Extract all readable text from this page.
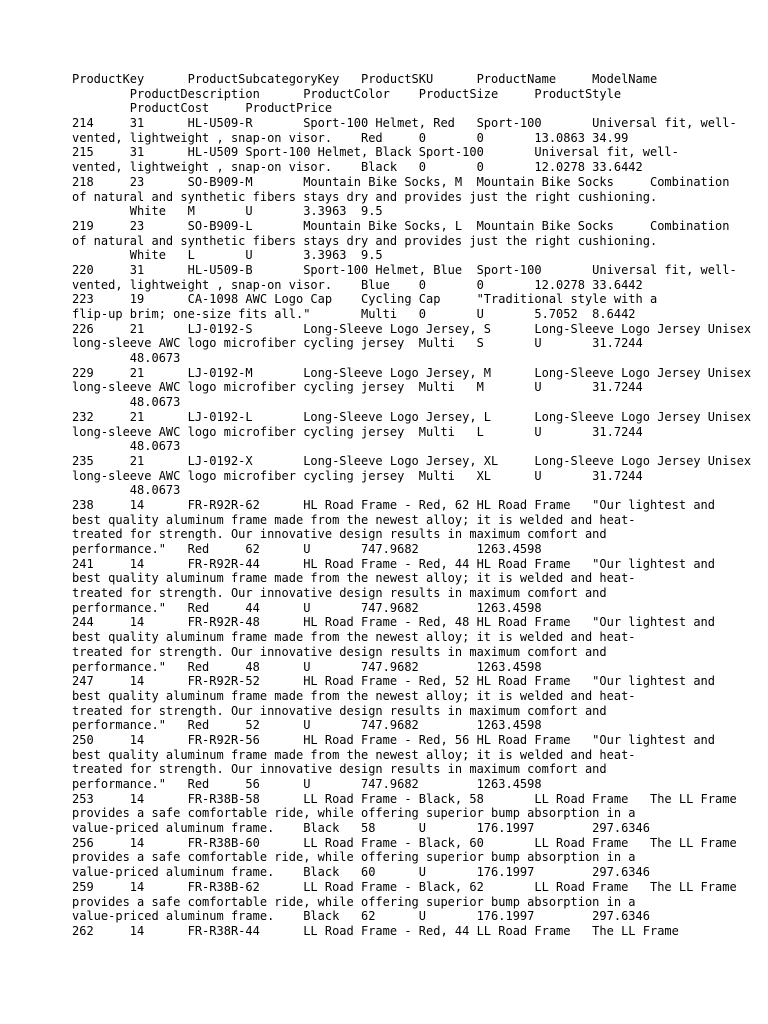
ProductKey	ProductSubcategoryKey	ProductSKU	ProductName	ModelName
	ProductDescription	ProductColor	ProductSize	ProductStyle
	ProductCost	ProductPrice
214	31	HL-U509-R	Sport-100 Helmet, Red	Sport-100	Universal fit, well-
vented, lightweight , snap-on visor.	Red	0	0	13.0863	34.99
215	31	HL-U509	Sport-100 Helmet, Black	Sport-100	Universal fit, well-
vented, lightweight , snap-on visor.	Black	0	0	12.0278	33.6442
218	23	SO-B909-M	Mountain Bike Socks, M	Mountain Bike Socks	Combination
of natural and synthetic fibers stays dry and provides just the right cushioning.
	White	M	U	3.3963	9.5
219	23	SO-B909-L	Mountain Bike Socks, L	Mountain Bike Socks	Combination
of natural and synthetic fibers stays dry and provides just the right cushioning.
	White	L	U	3.3963	9.5
220	31	HL-U509-B	Sport-100 Helmet, Blue	Sport-100	Universal fit, well-
vented, lightweight , snap-on visor.	Blue	0	0	12.0278	33.6442
223	19	CA-1098	AWC Logo Cap	Cycling Cap	"Traditional style with a
flip-up brim; one-size fits all."	Multi	0	U	5.7052	8.6442
226	21	LJ-0192-S	Long-Sleeve Logo Jersey, S	Long-Sleeve Logo Jersey	Unisex
long-sleeve AWC logo microfiber cycling jersey	Multi	S	U	31.7244
	48.0673
229	21	LJ-0192-M	Long-Sleeve Logo Jersey, M	Long-Sleeve Logo Jersey	Unisex
long-sleeve AWC logo microfiber cycling jersey	Multi	M	U	31.7244
	48.0673
232	21	LJ-0192-L	Long-Sleeve Logo Jersey, L	Long-Sleeve Logo Jersey	Unisex
long-sleeve AWC logo microfiber cycling jersey	Multi	L	U	31.7244
	48.0673
235	21	LJ-0192-X	Long-Sleeve Logo Jersey, XL	Long-Sleeve Logo Jersey	Unisex
long-sleeve AWC logo microfiber cycling jersey	Multi	XL	U	31.7244
	48.0673
238	14	FR-R92R-62	HL Road Frame - Red, 62	HL Road Frame	"Our lightest and
best quality aluminum frame made from the newest alloy; it is welded and heat-
treated for strength. Our innovative design results in maximum comfort and
performance."	Red	62	U	747.9682	1263.4598
241	14	FR-R92R-44	HL Road Frame - Red, 44	HL Road Frame	"Our lightest and
best quality aluminum frame made from the newest alloy; it is welded and heat-
treated for strength. Our innovative design results in maximum comfort and
performance."	Red	44	U	747.9682	1263.4598
244	14	FR-R92R-48	HL Road Frame - Red, 48	HL Road Frame	"Our lightest and
best quality aluminum frame made from the newest alloy; it is welded and heat-
treated for strength. Our innovative design results in maximum comfort and
performance."	Red	48	U	747.9682	1263.4598
247	14	FR-R92R-52	HL Road Frame - Red, 52	HL Road Frame	"Our lightest and
best quality aluminum frame made from the newest alloy; it is welded and heat-
treated for strength. Our innovative design results in maximum comfort and
performance."	Red	52	U	747.9682	1263.4598
250	14	FR-R92R-56	HL Road Frame - Red, 56	HL Road Frame	"Our lightest and
best quality aluminum frame made from the newest alloy; it is welded and heat-
treated for strength. Our innovative design results in maximum comfort and
performance."	Red	56	U	747.9682	1263.4598
253	14	FR-R38B-58	LL Road Frame - Black, 58	LL Road Frame	The LL Frame
provides a safe comfortable ride, while offering superior bump absorption in a
value-priced aluminum frame.	Black	58	U	176.1997	297.6346
256	14	FR-R38B-60	LL Road Frame - Black, 60	LL Road Frame	The LL Frame
provides a safe comfortable ride, while offering superior bump absorption in a
value-priced aluminum frame.	Black	60	U	176.1997	297.6346
259	14	FR-R38B-62	LL Road Frame - Black, 62	LL Road Frame	The LL Frame
provides a safe comfortable ride, while offering superior bump absorption in a
value-priced aluminum frame.	Black	62	U	176.1997	297.6346
262	14	FR-R38R-44	LL Road Frame - Red, 44	LL Road Frame	The LL Frame
